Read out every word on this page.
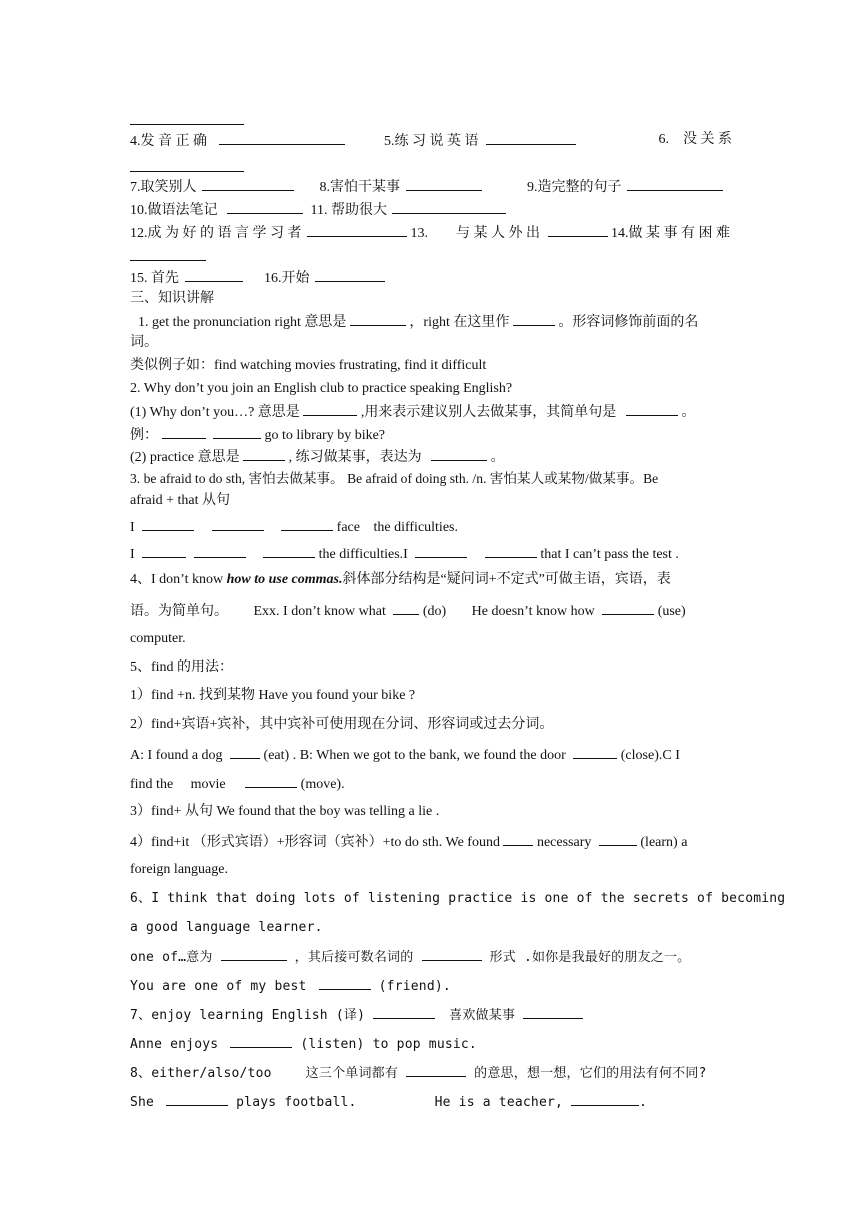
4.发 音 正 确	5.练 习 说 英 语	6.　没 关 系
7.取笑别人	8.害怕干某事	9.造完整的句子
10.做语法笔记	11. 帮助很大
12.成 为 好 的 语 言 学 习 者	13.　　与 某 人 外 出	14.做 某 事 有 困 难
15. 首先	16.开始
三、知识讲解
1. get the pronunciation right 意思是	，right 在这里作	。形容词修饰前面的名
词。
类似例子如：find watching movies frustrating, find it difficult
2. Why don’t you join an English club to practice speaking English?
(1) Why don’t you…? 意思是	,用来表示建议别人去做某事，其简单句是	。
例：	go to library by bike?
(2) practice 意思是	, 练习做某事，表达为	。
3. be afraid to do sth, 害怕去做某事。 Be afraid of doing sth. /n. 害怕某人或某物/做某事。Be
afraid + that 从句
I	face the difficulties.
I	the difficulties.I	that I can’t pass the test .
4、I don’t know how to use commas.斜体部分结构是“疑问词+不定式”可做主语，宾语，表
语。为简单句。 Exx. I don’t know what	(do) He doesn’t know how	(use)
computer.
5、find 的用法：
1）find +n. 找到某物 Have you found your bike ?
2）find+宾语+宾补，其中宾补可使用现在分词、形容词或过去分词。
A: I found a dog	(eat) . B: When we got to the bank, we found the door	(close).C I
find the movie	(move).
3）find+ 从句 We found that the boy was telling a lie .
4）find+it （形式宾语）+形容词（宾补）+to do sth. We found	necessary	(learn) a
foreign language.
6、I think that doing lots of listening practice is one of the secrets of becoming
a good language learner.
one of…意为	，其后接可数名词的	形式 .如你是我最好的朋友之一。
You are one of my best	(friend).
7、enjoy learning English (译)	喜欢做某事
Anne enjoys	(listen) to pop music.
8、either/also/too	这三个单词都有	的意思，想一想，它们的用法有何不同?
She	plays football.	He is a teacher,	.
